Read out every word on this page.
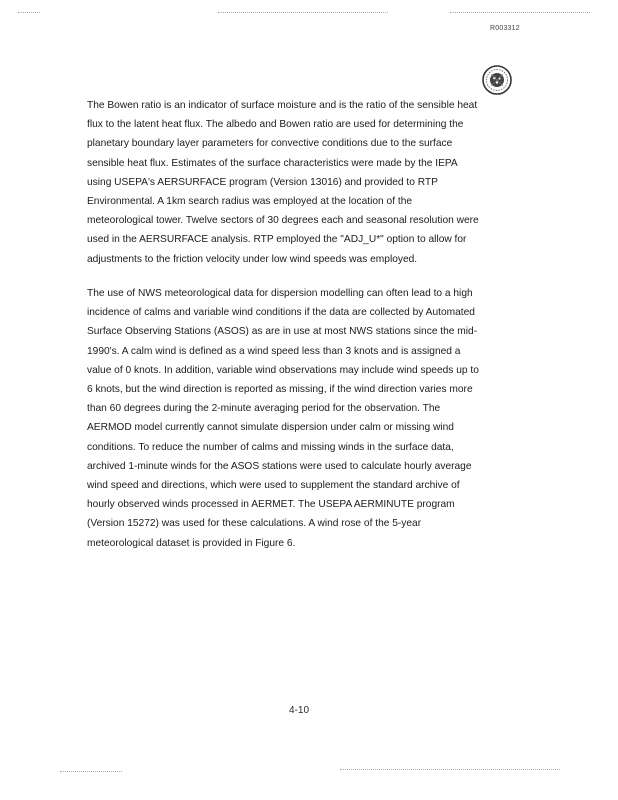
R003312
The Bowen ratio is an indicator of surface moisture and is the ratio of the sensible heat
flux to the latent heat flux. The albedo and Bowen ratio are used for determining the
planetary boundary layer parameters for convective conditions due to the surface
sensible heat flux. Estimates of the surface characteristics were made by the IEPA
using USEPA's AERSURFACE program (Version 13016) and provided to RTP
Environmental. A 1km search radius was employed at the location of the
meteorological tower. Twelve sectors of 30 degrees each and seasonal resolution were
used in the AERSURFACE analysis. RTP employed the "ADJ_U*" option to allow for
adjustments to the friction velocity under low wind speeds was employed.
The use of NWS meteorological data for dispersion modelling can often lead to a high
incidence of calms and variable wind conditions if the data are collected by Automated
Surface Observing Stations (ASOS) as are in use at most NWS stations since the mid-
1990's. A calm wind is defined as a wind speed less than 3 knots and is assigned a
value of 0 knots. In addition, variable wind observations may include wind speeds up to
6 knots, but the wind direction is reported as missing, if the wind direction varies more
than 60 degrees during the 2-minute averaging period for the observation. The
AERMOD model currently cannot simulate dispersion under calm or missing wind
conditions. To reduce the number of calms and missing winds in the surface data,
archived 1-minute winds for the ASOS stations were used to calculate hourly average
wind speed and directions, which were used to supplement the standard archive of
hourly observed winds processed in AERMET. The USEPA AERMINUTE program
(Version 15272) was used for these calculations. A wind rose of the 5-year
meteorological dataset is provided in Figure 6.
4-10
